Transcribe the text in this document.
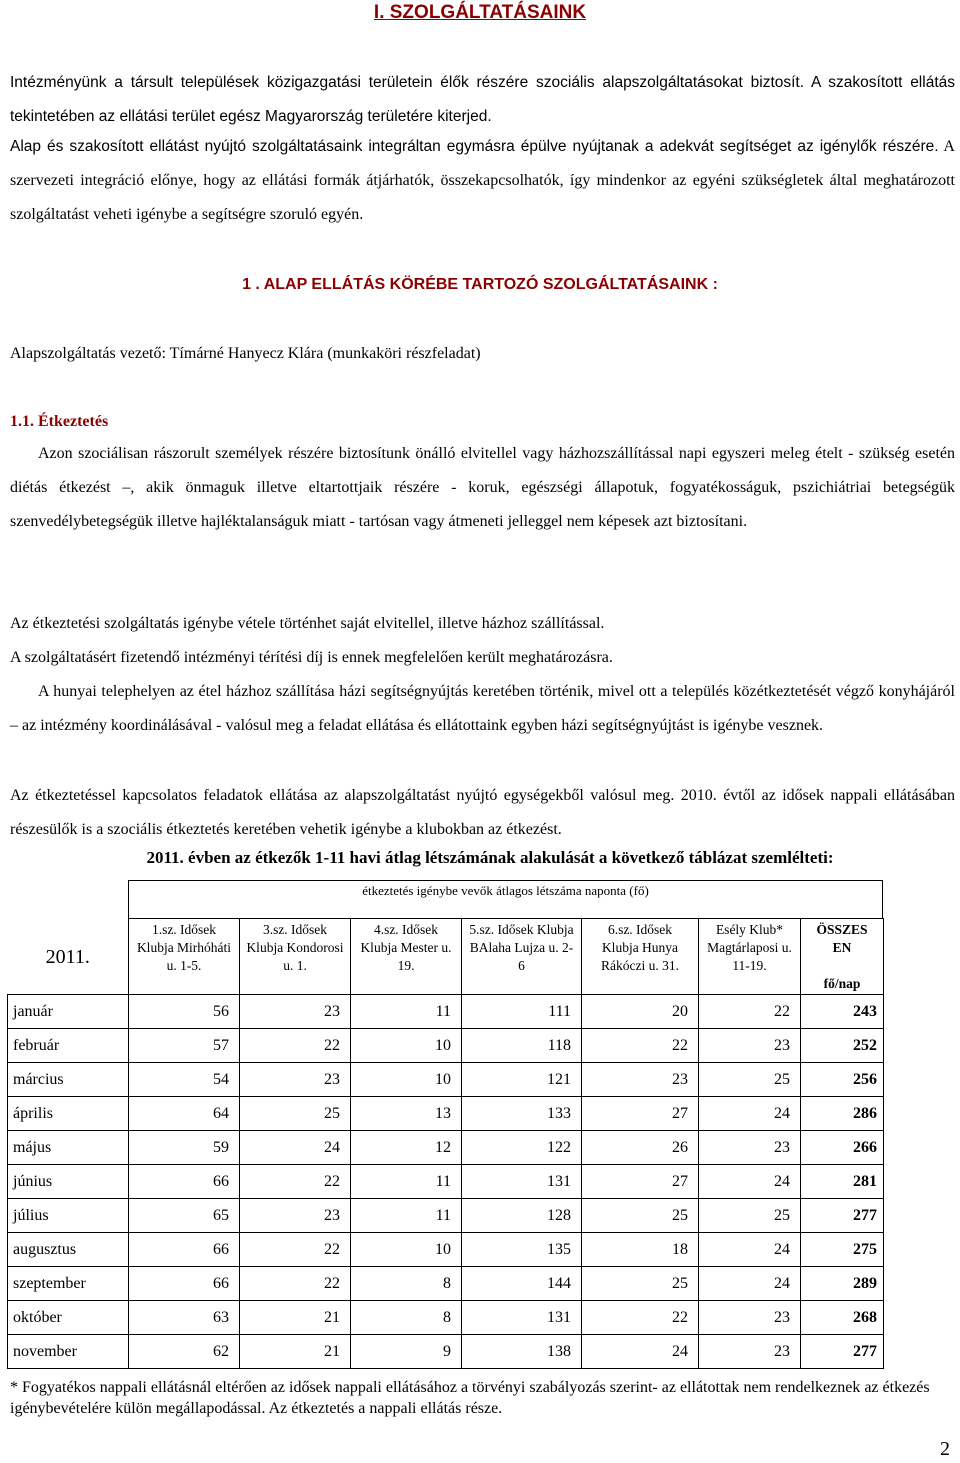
I. SZOLGÁLTATÁSAINK
Intézményünk a társult települések közigazgatási területein élők részére szociális alapszolgáltatásokat biztosít. A szakosított ellátás tekintetében az ellátási terület egész Magyarország területére kiterjed.
Alap és szakosított ellátást nyújtó szolgáltatásaink integráltan egymásra épülve nyújtanak a adekvát segítséget az igénylők részére. A szervezeti integráció előnye, hogy az ellátási formák átjárhatók, összekapcsolhatók, így mindenkor az egyéni szükségletek által meghatározott szolgáltatást veheti igénybe a segítségre szoruló egyén.
1 . ALAP ELLÁTÁS KÖRÉBE TARTOZÓ SZOLGÁLTATÁSAINK :
Alapszolgáltatás vezető: Tímárné Hanyecz Klára (munkaköri részfeladat)
1.1. Étkeztetés
Azon szociálisan rászorult személyek részére biztosítunk önálló elvitellel vagy házhozszállítással napi egyszeri meleg ételt - szükség esetén diétás étkezést –, akik önmaguk illetve eltartottjaik részére - koruk, egészségi állapotuk, fogyatékosságuk, pszichiátriai betegségük szenvedélybetegségük illetve hajléktalanságuk miatt - tartósan vagy átmeneti jelleggel nem képesek azt biztosítani.
Az étkeztetési szolgáltatás igénybe vétele történhet saját elvitellel, illetve házhoz szállítással.
A szolgáltatásért fizetendő intézményi térítési díj is ennek megfelelően került meghatározásra.
A hunyai telephelyen az étel házhoz szállítása házi segítségnyújtás keretében történik, mivel ott a település közétkeztetését végző konyhájáról – az intézmény koordinálásával - valósul meg a feladat ellátása és ellátottaink egyben házi segítségnyújtást is igénybe vesznek.
Az étkeztetéssel kapcsolatos feladatok ellátása az alapszolgáltatást nyújtó egységekből valósul meg. 2010. évtől az idősek nappali ellátásában részesülők is a szociális étkeztetés keretében vehetik igénybe a klubokban az étkezést.
2011. évben az étkezők 1-11 havi átlag létszámának alakulását a következő táblázat szemlélteti:
étkeztetés igénybe vevők átlagos létszáma naponta (fő)
2011.	1.sz. Idősek Klubja Mirhóháti u. 1-5.	3.sz. Idősek Klubja Kondorosi u. 1.	4.sz. Idősek Klubja Mester u. 19.	5.sz. Idősek Klubja BAlaha Lujza u. 2-6	6.sz. Idősek Klubja Hunya Rákóczi u. 31.	Esély Klub* Magtárlaposi u. 11-19.	ÖSSZES EN
fő/nap

január	56	23	11	111	20	22	243
február	57	22	10	118	22	23	252
március	54	23	10	121	23	25	256
április	64	25	13	133	27	24	286
május	59	24	12	122	26	23	266
június	66	22	11	131	27	24	281
július	65	23	11	128	25	25	277
augusztus	66	22	10	135	18	24	275
szeptember	66	22	8	144	25	24	289
október	63	21	8	131	22	23	268
november	62	21	9	138	24	23	277
* Fogyatékos nappali ellátásnál eltérően az idősek nappali ellátásához a törvényi szabályozás szerint- az ellátottak nem rendelkeznek az étkezés igénybevételére külön megállapodással. Az étkeztetés a nappali ellátás része.
2
